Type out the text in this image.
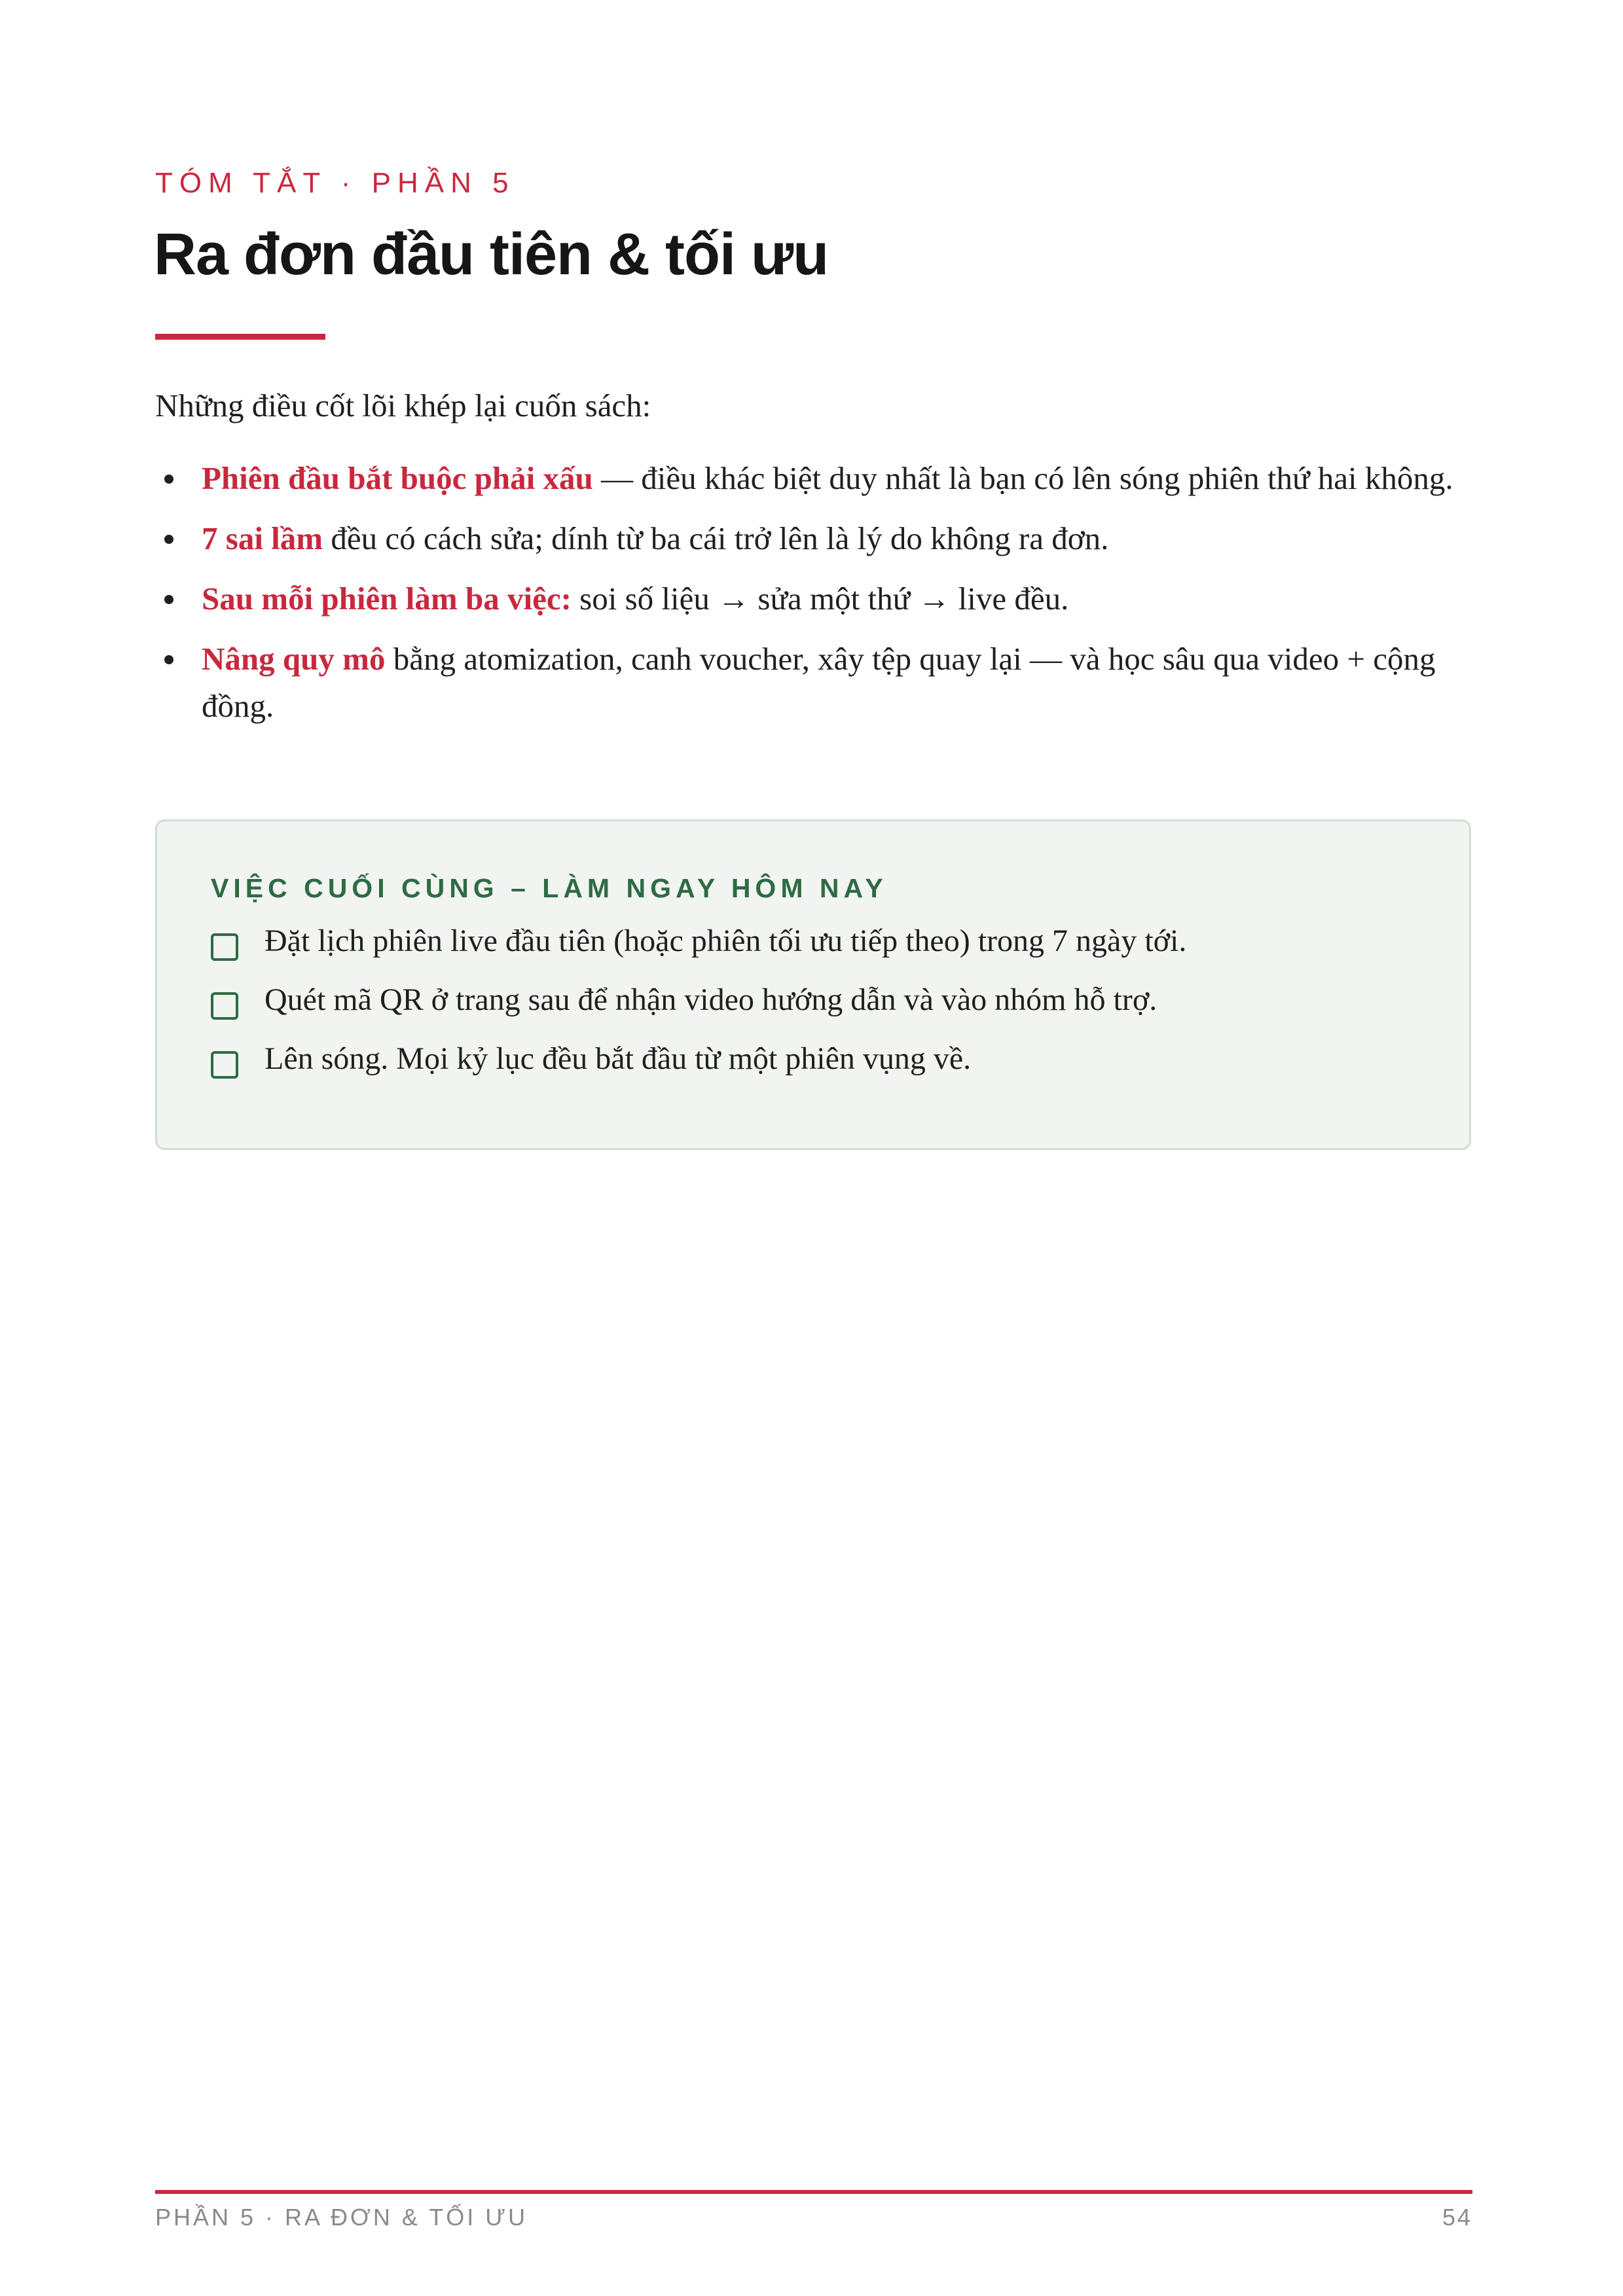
TÓM TẮT · PHẦN 5
Ra đơn đầu tiên & tối ưu

Những điều cốt lõi khép lại cuốn sách:

Phiên đầu bắt buộc phải xấu — điều khác biệt duy nhất là bạn có lên sóng phiên thứ hai không.
7 sai lầm đều có cách sửa; dính từ ba cái trở lên là lý do không ra đơn.
Sau mỗi phiên làm ba việc: soi số liệu → sửa một thứ → live đều.
Nâng quy mô bằng atomization, canh voucher, xây tệp quay lại — và học sâu qua video + cộng đồng.
VIỆC CUỐI CÙNG – LÀM NGAY HÔM NAY
Đặt lịch phiên live đầu tiên (hoặc phiên tối ưu tiếp theo) trong 7 ngày tới.
Quét mã QR ở trang sau để nhận video hướng dẫn và vào nhóm hỗ trợ.
Lên sóng. Mọi kỷ lục đều bắt đầu từ một phiên vụng về.
PHẦN 5 · RA ĐƠN & TỐI ƯU	54
